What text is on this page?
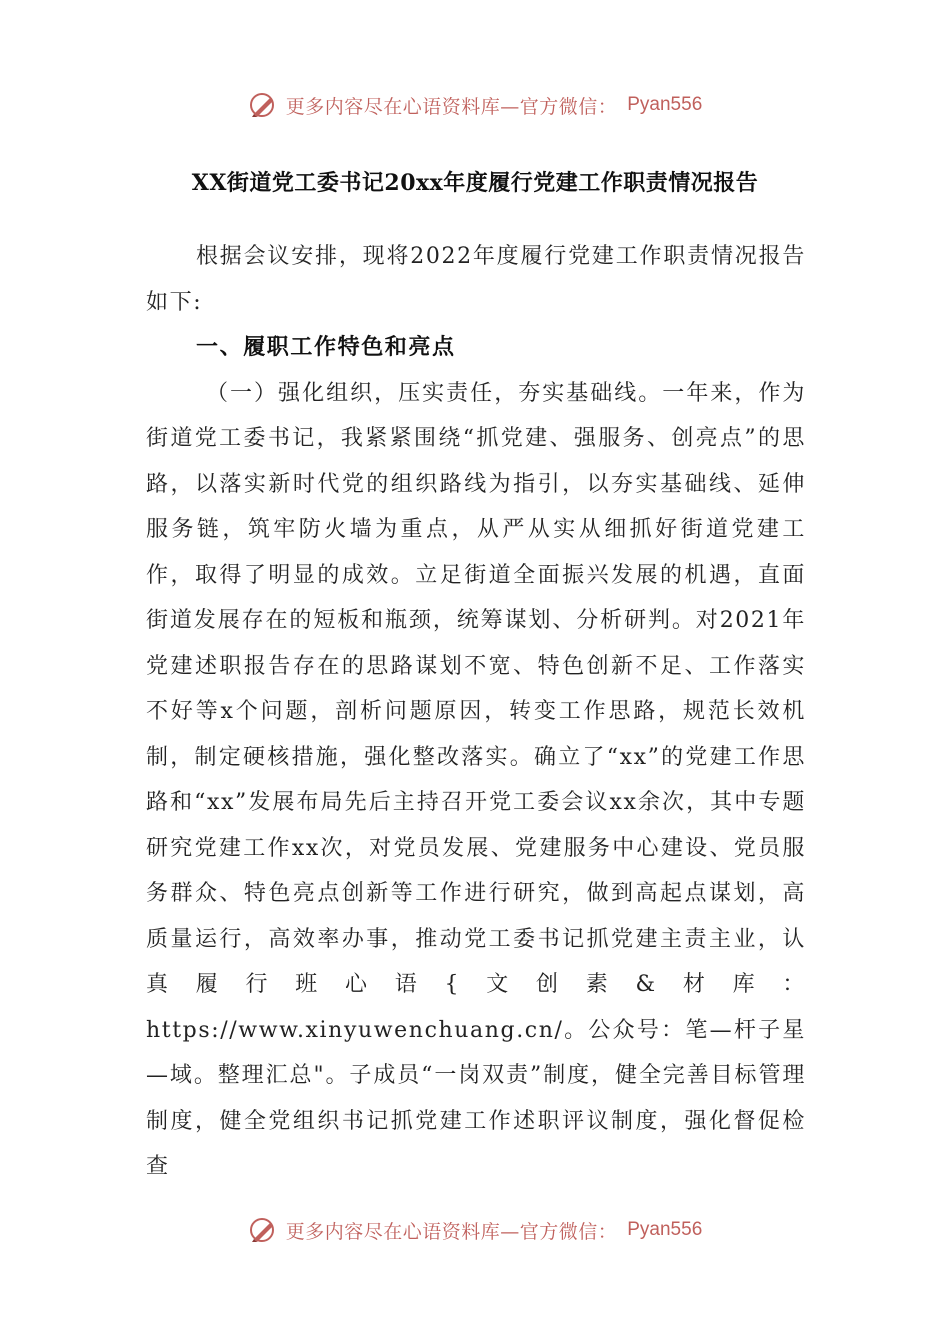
更多内容尽在心语资料库—官方微信： Pyan556
XX街道党工委书记20xx年度履行党建工作职责情况报告

根据会议安排，现将2022年度履行党建工作职责情况报告如下:

一、履职工作特色和亮点

（一）强化组织，压实责任，夯实基础线。一年来，作为街道党工委书记，我紧紧围绕“抓党建、强服务、创亮点”的思路，以落实新时代党的组织路线为指引，以夯实基础线、延伸服务链，筑牢防火墙为重点，从严从实从细抓好街道党建工作，取得了明显的成效。立足街道全面振兴发展的机遇，直面街道发展存在的短板和瓶颈，统筹谋划、分析研判。对2021年党建述职报告存在的思路谋划不宽、特色创新不足、工作落实不好等x个问题，剖析问题原因，转变工作思路，规范长效机制，制定硬核措施，强化整改落实。确立了“xx”的党建工作思路和“xx”发展布局先后主持召开党工委会议xx余次，其中专题研究党建工作xx次，对党员发展、党建服务中心建设、党员服务群众、特色亮点创新等工作进行研究，做到高起点谋划，高质量运行，高效率办事，推动党工委书记抓党建主责主业，认真履行班心语{文创素&材库：https://www.xinyuwenchuang.cn/。公众号：笔—杆子星—域。整理汇总"。子成员“一岗双责”制度，健全完善目标管理制度，健全党组织书记抓党建工作述职评议制度，强化督促检查

更多内容尽在心语资料库—官方微信： Pyan556
